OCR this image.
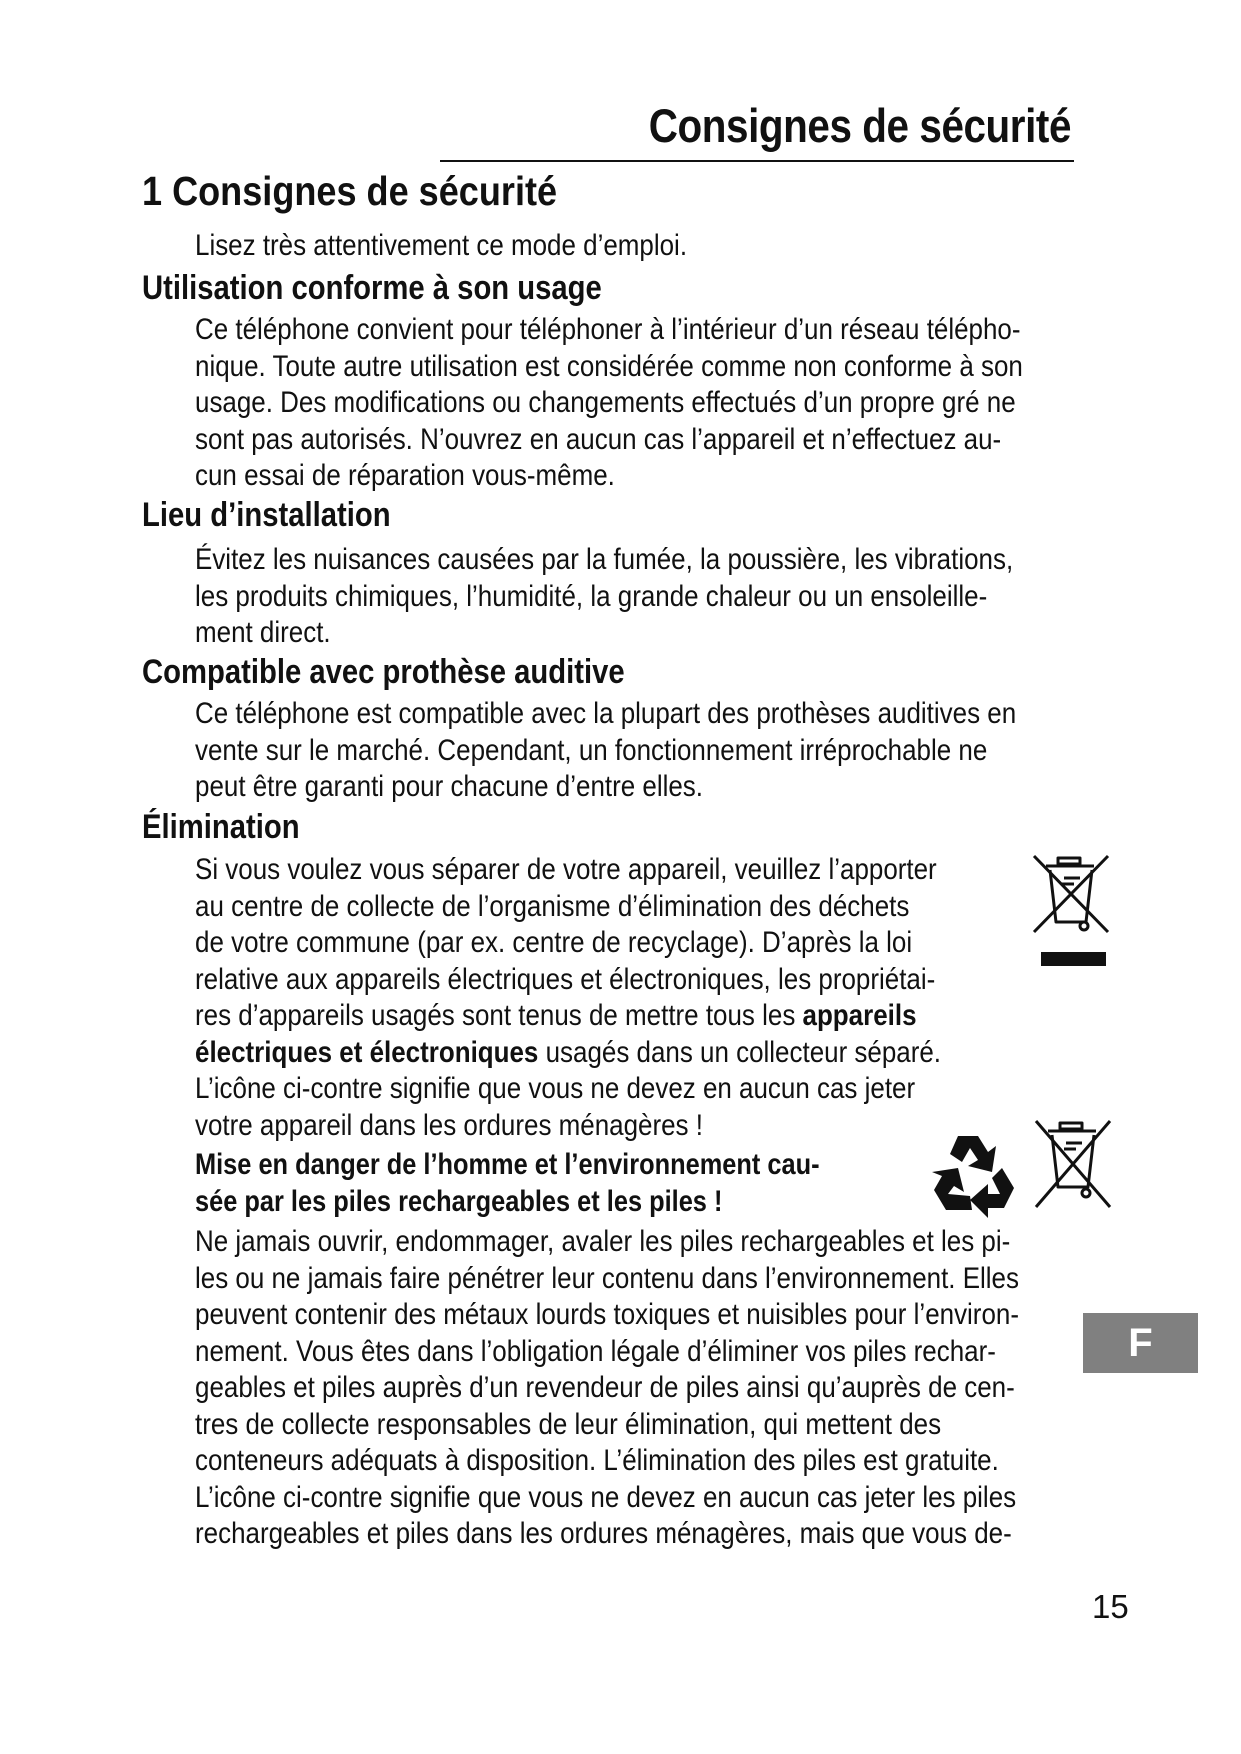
Consignes de sécurité
1 Consignes de sécurité
Lisez très attentivement ce mode d’emploi.
Utilisation conforme à son usage
Ce téléphone convient pour téléphoner à l’intérieur d’un réseau télépho-
nique. Toute autre utilisation est considérée comme non conforme à son
usage. Des modifications ou changements effectués d’un propre gré ne
sont pas autorisés. N’ouvrez en aucun cas l’appareil et n’effectuez au-
cun essai de réparation vous-même.
Lieu d’installation
Évitez les nuisances causées par la fumée, la poussière, les vibrations,
les produits chimiques, l’humidité, la grande chaleur ou un ensoleille-
ment direct.
Compatible avec prothèse auditive
Ce téléphone est compatible avec la plupart des prothèses auditives en
vente sur le marché. Cependant, un fonctionnement irréprochable ne
peut être garanti pour chacune d’entre elles.
Élimination
Si vous voulez vous séparer de votre appareil, veuillez l’apporter
au centre de collecte de l’organisme d’élimination des déchets
de votre commune (par ex. centre de recyclage). D’après la loi
relative aux appareils électriques et électroniques, les propriétai-
res d’appareils usagés sont tenus de mettre tous les appareils
électriques et électroniques usagés dans un collecteur séparé.
L’icône ci-contre signifie que vous ne devez en aucun cas jeter
votre appareil dans les ordures ménagères !
Mise en danger de l’homme et l’environnement cau-
sée par les piles rechargeables et les piles !
Ne jamais ouvrir, endommager, avaler les piles rechargeables et les pi-
les ou ne jamais faire pénétrer leur contenu dans l’environnement. Elles
peuvent contenir des métaux lourds toxiques et nuisibles pour l’environ-
nement. Vous êtes dans l’obligation légale d’éliminer vos piles rechar-
geables et piles auprès d’un revendeur de piles ainsi qu’auprès de cen-
tres de collecte responsables de leur élimination, qui mettent des
conteneurs adéquats à disposition. L’élimination des piles est gratuite.
L’icône ci-contre signifie que vous ne devez en aucun cas jeter les piles
rechargeables et piles dans les ordures ménagères, mais que vous de-
F
15
